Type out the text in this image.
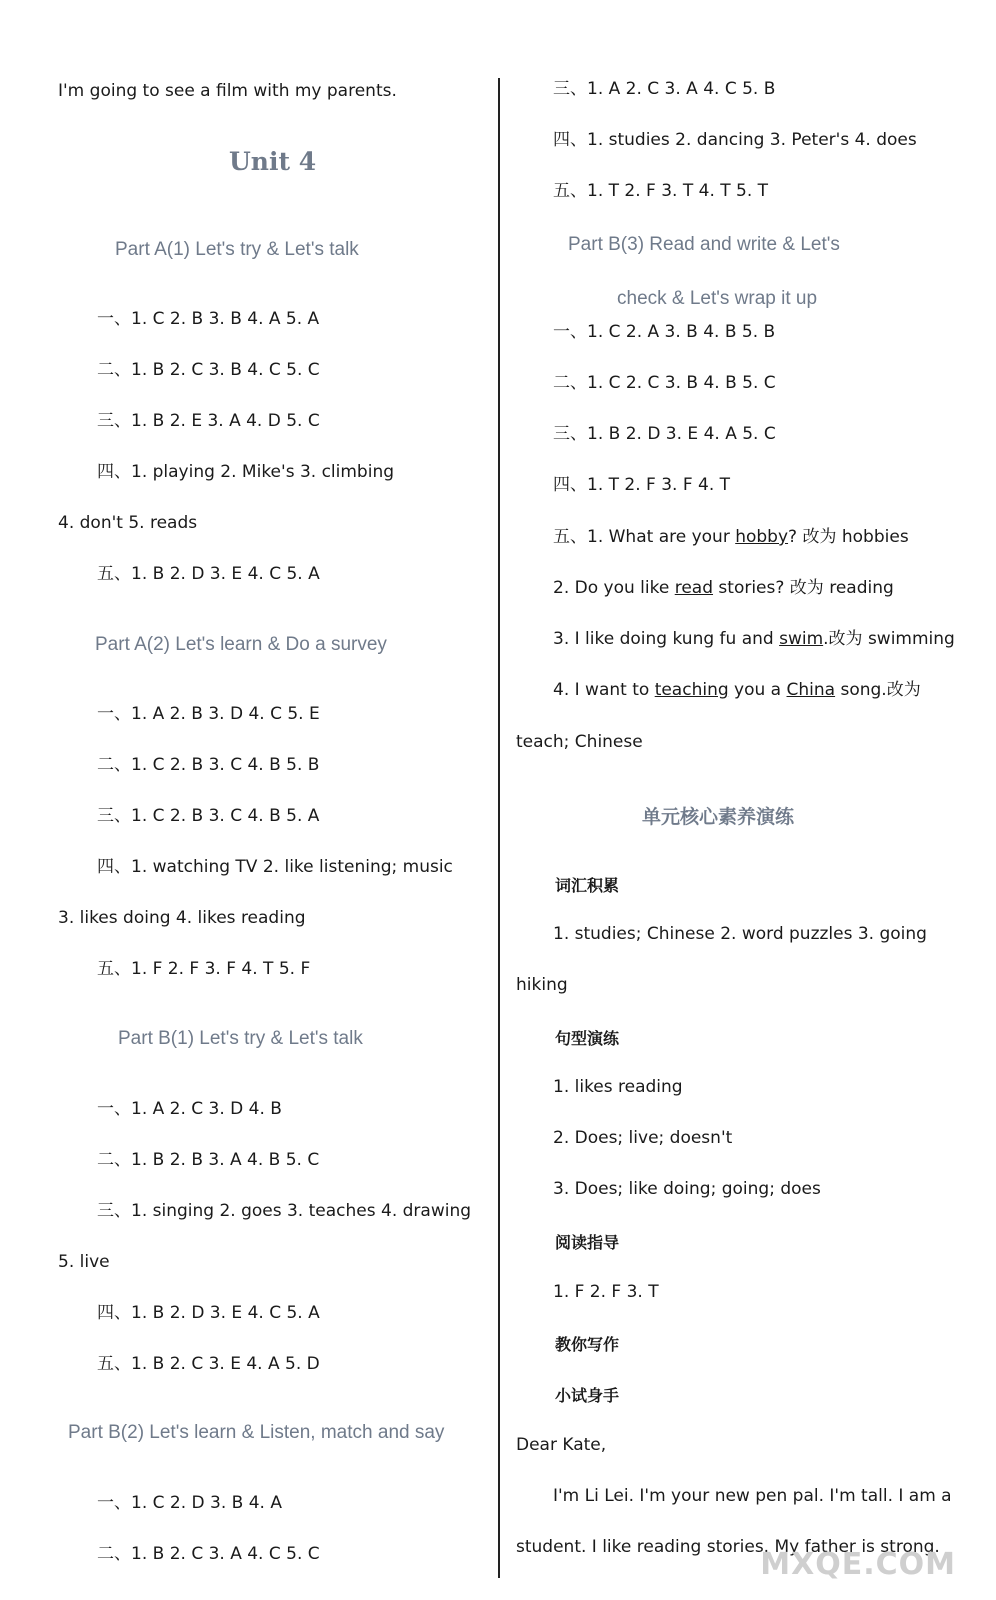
I'm going to see a film with my parents.
Unit 4
Part A(1) Let's try & Let's talk
一、1. C 2. B 3. B 4. A 5. A
二、1. B 2. C 3. B 4. C 5. C
三、1. B 2. E 3. A 4. D 5. C
四、1. playing 2. Mike's 3. climbing
4. don't 5. reads
五、1. B 2. D 3. E 4. C 5. A
Part A(2) Let's learn & Do a survey
一、1. A 2. B 3. D 4. C 5. E
二、1. C 2. B 3. C 4. B 5. B
三、1. C 2. B 3. C 4. B 5. A
四、1. watching TV 2. like listening; music
3. likes doing 4. likes reading
五、1. F 2. F 3. F 4. T 5. F
Part B(1) Let's try & Let's talk
一、1. A 2. C 3. D 4. B
二、1. B 2. B 3. A 4. B 5. C
三、1. singing 2. goes 3. teaches 4. drawing
5. live
四、1. B 2. D 3. E 4. C 5. A
五、1. B 2. C 3. E 4. A 5. D
Part B(2) Let's learn & Listen, match and say
一、1. C 2. D 3. B 4. A
二、1. B 2. C 3. A 4. C 5. C
三、1. A 2. C 3. A 4. C 5. B
四、1. studies 2. dancing 3. Peter's 4. does
五、1. T 2. F 3. T 4. T 5. T
Part B(3) Read and write & Let's
check & Let's wrap it up
一、1. C 2. A 3. B 4. B 5. B
二、1. C 2. C 3. B 4. B 5. C
三、1. B 2. D 3. E 4. A 5. C
四、1. T 2. F 3. F 4. T
五、1. What are your hobby? 改为 hobbies
2. Do you like read stories? 改为 reading
3. I like doing kung fu and swim.改为 swimming
4. I want to teaching you a China song.改为
teach; Chinese
单元核心素养演练
词汇积累
1. studies; Chinese 2. word puzzles 3. going
hiking
句型演练
1. likes reading
2. Does; live; doesn't
3. Does; like doing; going; does
阅读指导
1. F 2. F 3. T
教你写作
小试身手
Dear Kate,
I'm Li Lei. I'm your new pen pal. I'm tall. I am a
student. I like reading stories. My father is strong.
MXQE.COM
